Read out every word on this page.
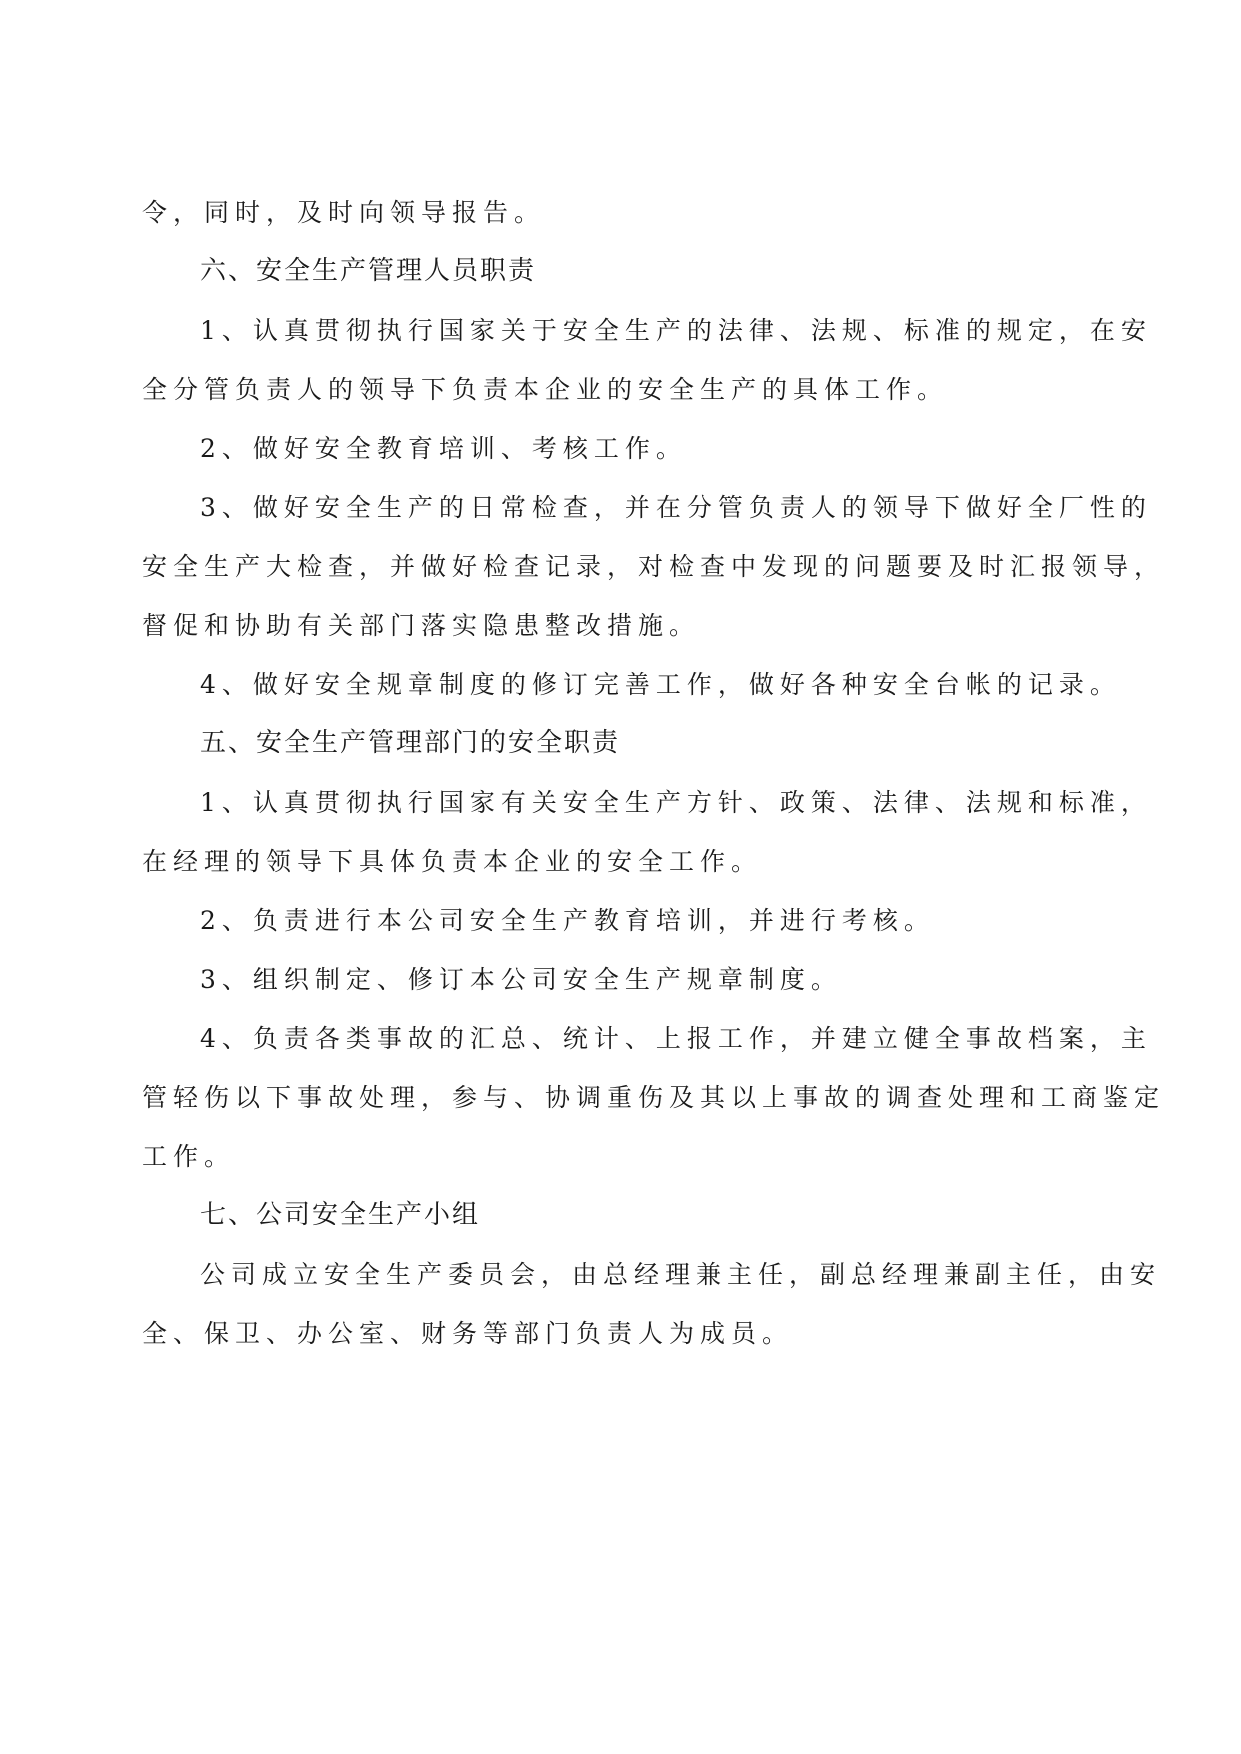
令，同时，及时向领导报告。
六、安全生产管理人员职责
1、认真贯彻执行国家关于安全生产的法律、法规、标准的规定，在安
全分管负责人的领导下负责本企业的安全生产的具体工作。
2、做好安全教育培训、考核工作。
3、做好安全生产的日常检查，并在分管负责人的领导下做好全厂性的
安全生产大检查，并做好检查记录，对检查中发现的问题要及时汇报领导，
督促和协助有关部门落实隐患整改措施。
4、做好安全规章制度的修订完善工作，做好各种安全台帐的记录。
五、安全生产管理部门的安全职责
1、认真贯彻执行国家有关安全生产方针、政策、法律、法规和标准，
在经理的领导下具体负责本企业的安全工作。
2、负责进行本公司安全生产教育培训，并进行考核。
3、组织制定、修订本公司安全生产规章制度。
4、负责各类事故的汇总、统计、上报工作，并建立健全事故档案，主
管轻伤以下事故处理，参与、协调重伤及其以上事故的调查处理和工商鉴定
工作。
七、公司安全生产小组
公司成立安全生产委员会，由总经理兼主任，副总经理兼副主任，由安
全、保卫、办公室、财务等部门负责人为成员。
